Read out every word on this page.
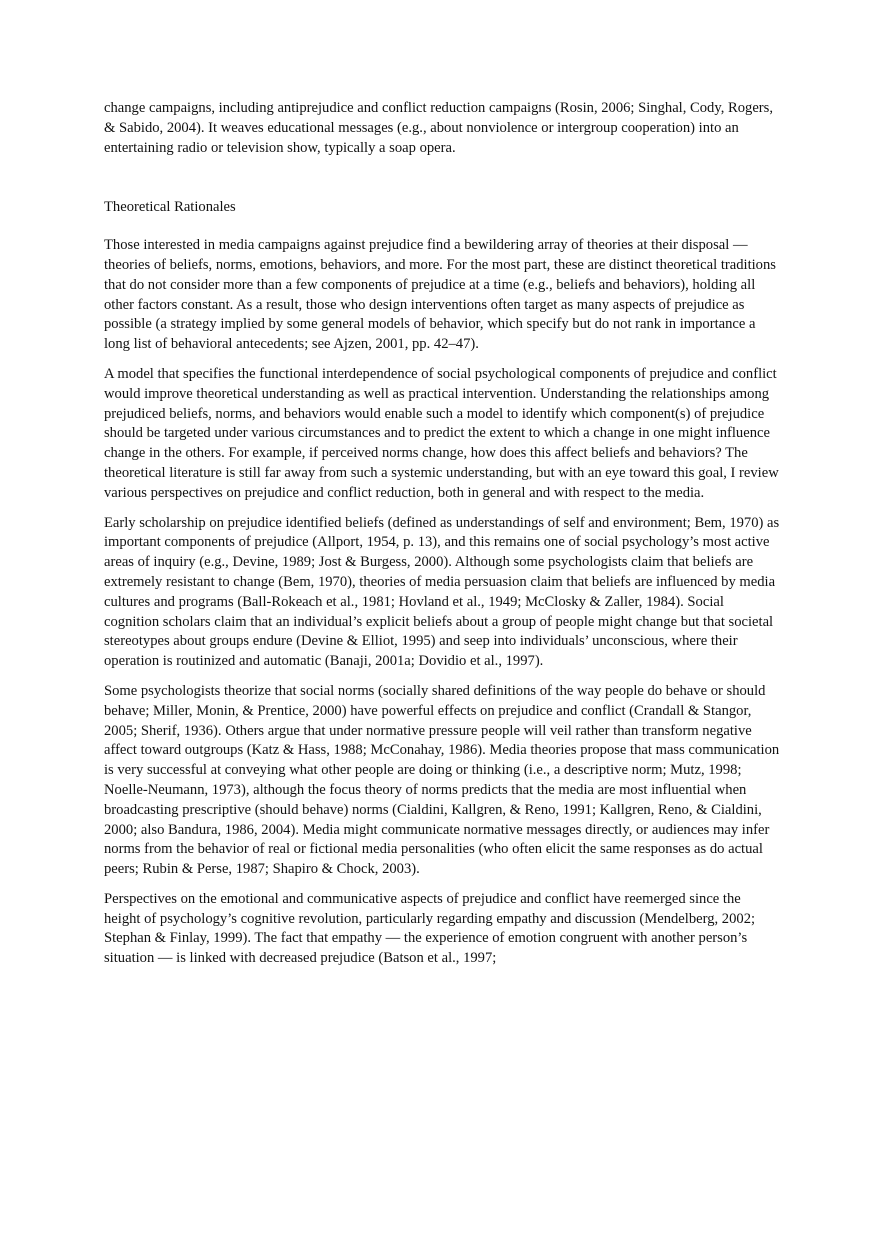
change campaigns, including antiprejudice and conflict reduction campaigns (Rosin, 2006; Singhal, Cody, Rogers, & Sabido, 2004). It weaves educational messages (e.g., about nonviolence or intergroup cooperation) into an entertaining radio or television show, typically a soap opera.

Theoretical Rationales

Those interested in media campaigns against prejudice find a bewildering array of theories at their disposal — theories of beliefs, norms, emotions, behaviors, and more. For the most part, these are distinct theoretical traditions that do not consider more than a few components of prejudice at a time (e.g., beliefs and behaviors), holding all other factors constant. As a result, those who design interventions often target as many aspects of prejudice as possible (a strategy implied by some general models of behavior, which specify but do not rank in importance a long list of behavioral antecedents; see Ajzen, 2001, pp. 42–47).

A model that specifies the functional interdependence of social psychological components of prejudice and conflict would improve theoretical understanding as well as practical intervention. Understanding the relationships among prejudiced beliefs, norms, and behaviors would enable such a model to identify which component(s) of prejudice should be targeted under various circumstances and to predict the extent to which a change in one might influence change in the others. For example, if perceived norms change, how does this affect beliefs and behaviors? The theoretical literature is still far away from such a systemic understanding, but with an eye toward this goal, I review various perspectives on prejudice and conflict reduction, both in general and with respect to the media.

Early scholarship on prejudice identified beliefs (defined as understandings of self and environment; Bem, 1970) as important components of prejudice (Allport, 1954, p. 13), and this remains one of social psychology’s most active areas of inquiry (e.g., Devine, 1989; Jost & Burgess, 2000). Although some psychologists claim that beliefs are extremely resistant to change (Bem, 1970), theories of media persuasion claim that beliefs are influenced by media cultures and programs (Ball-Rokeach et al., 1981; Hovland et al., 1949; McClosky & Zaller, 1984). Social cognition scholars claim that an individual’s explicit beliefs about a group of people might change but that societal stereotypes about groups endure (Devine & Elliot, 1995) and seep into individuals’ unconscious, where their operation is routinized and automatic (Banaji, 2001a; Dovidio et al., 1997).

Some psychologists theorize that social norms (socially shared definitions of the way people do behave or should behave; Miller, Monin, & Prentice, 2000) have powerful effects on prejudice and conflict (Crandall & Stangor, 2005; Sherif, 1936). Others argue that under normative pressure people will veil rather than transform negative affect toward outgroups (Katz & Hass, 1988; McConahay, 1986). Media theories propose that mass communication is very successful at conveying what other people are doing or thinking (i.e., a descriptive norm; Mutz, 1998; Noelle-Neumann, 1973), although the focus theory of norms predicts that the media are most influential when broadcasting prescriptive (should behave) norms (Cialdini, Kallgren, & Reno, 1991; Kallgren, Reno, & Cialdini, 2000; also Bandura, 1986, 2004). Media might communicate normative messages directly, or audiences may infer norms from the behavior of real or fictional media personalities (who often elicit the same responses as do actual peers; Rubin & Perse, 1987; Shapiro & Chock, 2003).

Perspectives on the emotional and communicative aspects of prejudice and conflict have reemerged since the height of psychology’s cognitive revolution, particularly regarding empathy and discussion (Mendelberg, 2002; Stephan & Finlay, 1999). The fact that empathy — the experience of emotion congruent with another person’s situation — is linked with decreased prejudice (Batson et al., 1997;
